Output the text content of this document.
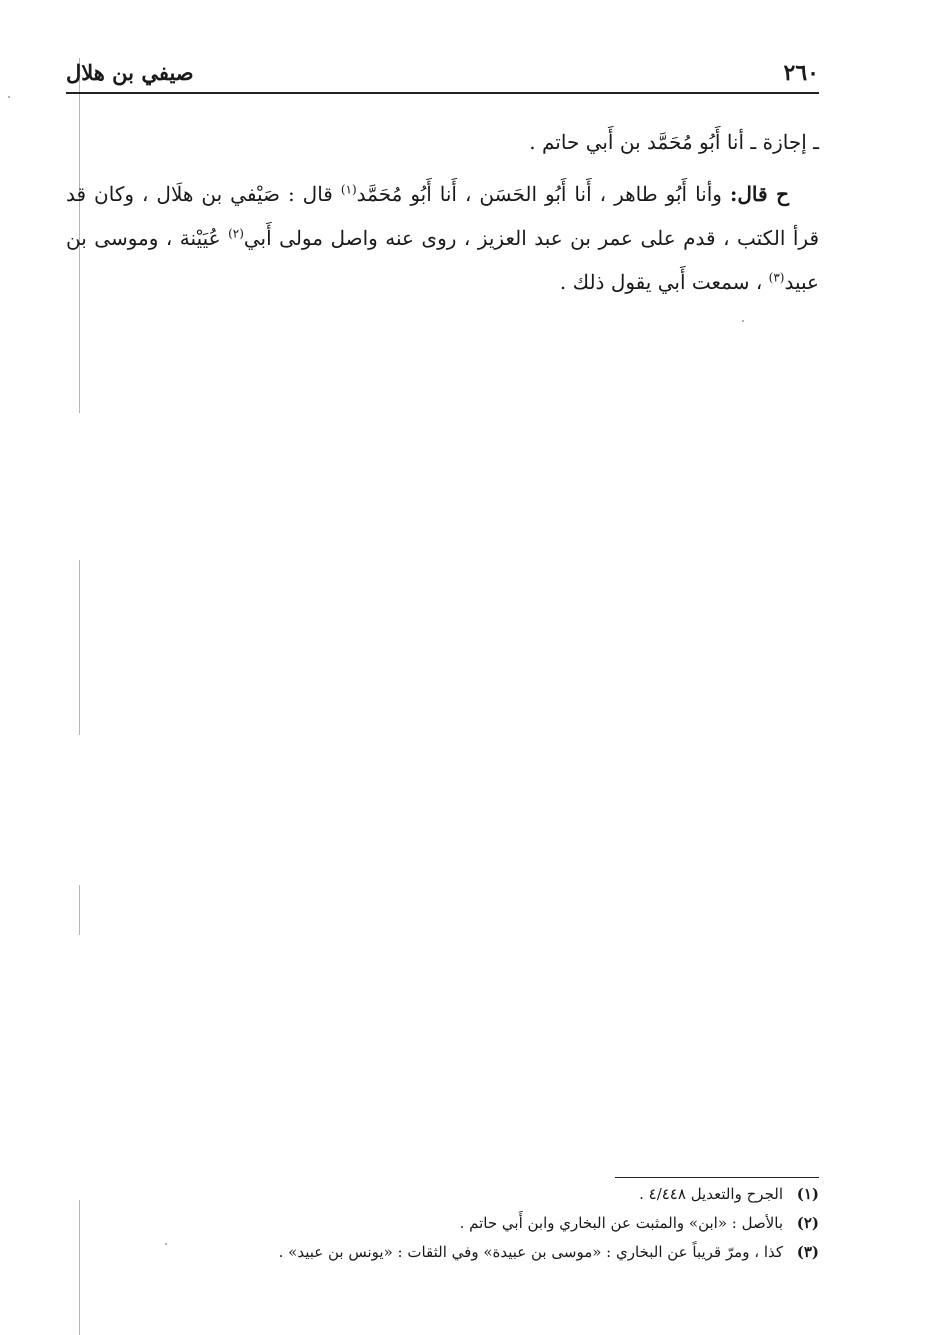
٢٦٠
صيفي بن هلال

ـ إجازة ـ أنا أَبُو مُحَمَّد بن أَبي حاتم .

ح قال: وأنا أَبُو طاهر ، أَنا أَبُو الحَسَن ، أَنا أَبُو مُحَمَّد$^{(١)}$ قال : صَيْفي بن هلَال ، وكان قد قرأ الكتب ، قدم على عمر بن عبد العزيز ، روى عنه واصل مولى أَبي$^{(٢)}$ عُيَيْنة ، وموسى بن عبيد$^{(٣)}$ ، سمعت أَبي يقول ذلك .

(١)الجرح والتعديل ٤/٤٤٨ .

(٢)بالأصل : «ابن» والمثبت عن البخاري وابن أَبي حاتم .

(٣)كذا ، ومرّ قريباً عن البخاري : «موسى بن عبيدة» وفي الثقات : «يونس بن عبيد» .
